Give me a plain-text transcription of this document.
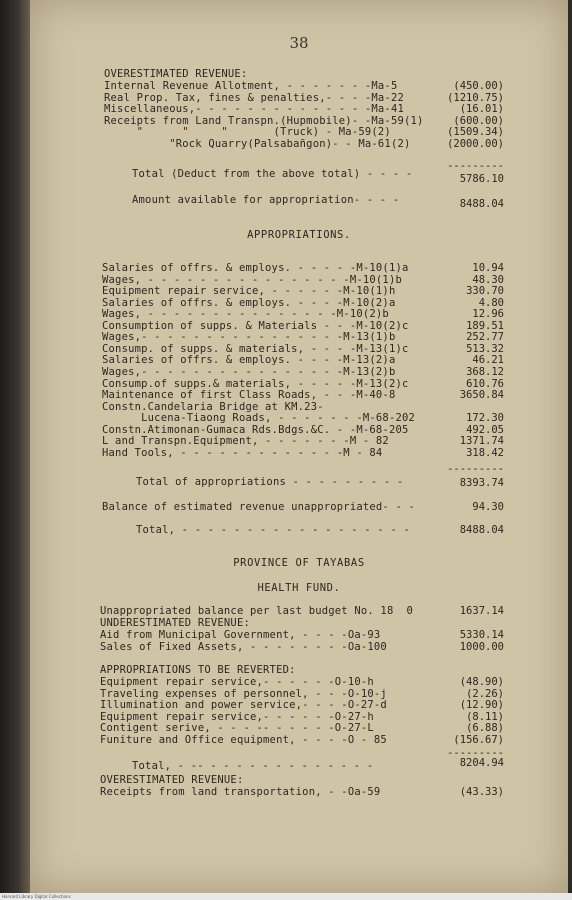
38
OVERESTIMATED REVENUE:
Internal Revenue Allotment, - - - - - - -Ma-5	(450.00)
Real Prop. Tax, fines & penalties,- - - -Ma-22	(1210.75)
Miscellaneous,- - - - - - - - - - - - - -Ma-41	(16.01)
Receipts from Land Transpn.(Hupmobile)- -Ma-59(1)	(600.00)
"      "     "       (Truck) - Ma-59(2)	(1509.34)
"Rock Quarry(Palsabañgon)- - Ma-61(2)	(2000.00)
---------
Total (Deduct from the above total) - - - -	5786.10
Amount available for appropriation- - - -	8488.04
APPROPRIATIONS.
Salaries of offrs. & employs. - - - - -M-10(1)a	10.94
Wages, - - - - - - - - - - - - - - - -M-10(1)b	48.30
Equipment repair service, - - - - - -M-10(1)h	330.70
Salaries of offrs. & employs. - - - -M-10(2)a	4.80
Wages, - - - - - - - - - - - - - - -M-10(2)b	12.96
Consumption of supps. & Materials - - -M-10(2)c	189.51
Wages,- - - - - - - - - - - - - - - -M-13(1)b	252.77
Consump. of supps. & materials, - - - -M-13(1)c	513.32
Salaries of offrs. & employs. - - - -M-13(2)a	46.21
Wages,- - - - - - - - - - - - - - - -M-13(2)b	368.12
Consump.of supps.& materials, - - - - -M-13(2)c	610.76
Maintenance of first Class Roads, - - -M-40-8	3650.84
Constn.Candelaria Bridge at KM.23-
Lucena-Tiaong Roads, - - - - - - -M-68-202	172.30
Constn.Atimonan-Gumaca Rds.Bdgs.&C. - -M-68-205	492.05
L and Transpn.Equipment, - - - - - - -M - 82	1371.74
Hand Tools, - - - - - - - - - - - - -M - 84	318.42
---------
Total of appropriations - - - - - - - - -	8393.74
Balance of estimated revenue unappropriated- - -	94.30
Total, - - - - - - - - - - - - - - - - - -	8488.04
PROVINCE OF TAYABAS
HEALTH FUND.
Unappropriated balance per last budget No. 18  0	1637.14
UNDERESTIMATED REVENUE:
Aid from Municipal Government, - - - -Oa-93	5330.14
Sales of Fixed Assets, - - - - - - - -Oa-100	1000.00
APPROPRIATIONS TO BE REVERTED:
Equipment repair service,- - - - - -O-10-h	(48.90)
Traveling expenses of personnel, - - -O-10-j	(2.26)
Illumination and power service,- - - -O-27-d	(12.90)
Equipment repair service,- - - - - -O-27-h	(8.11)
Contigent serive, - - - -- - - - - -O-27-L	(6.88)
Funiture and Office equipment, - - - -O - 85	(156.67)
---------
Total, - -- - - - - - - - - - - - - -	8204.94
OVERESTIMATED REVENUE:
Receipts from land transportation, - -Oa-59	(43.33)
Harvard Library Digital Collections
